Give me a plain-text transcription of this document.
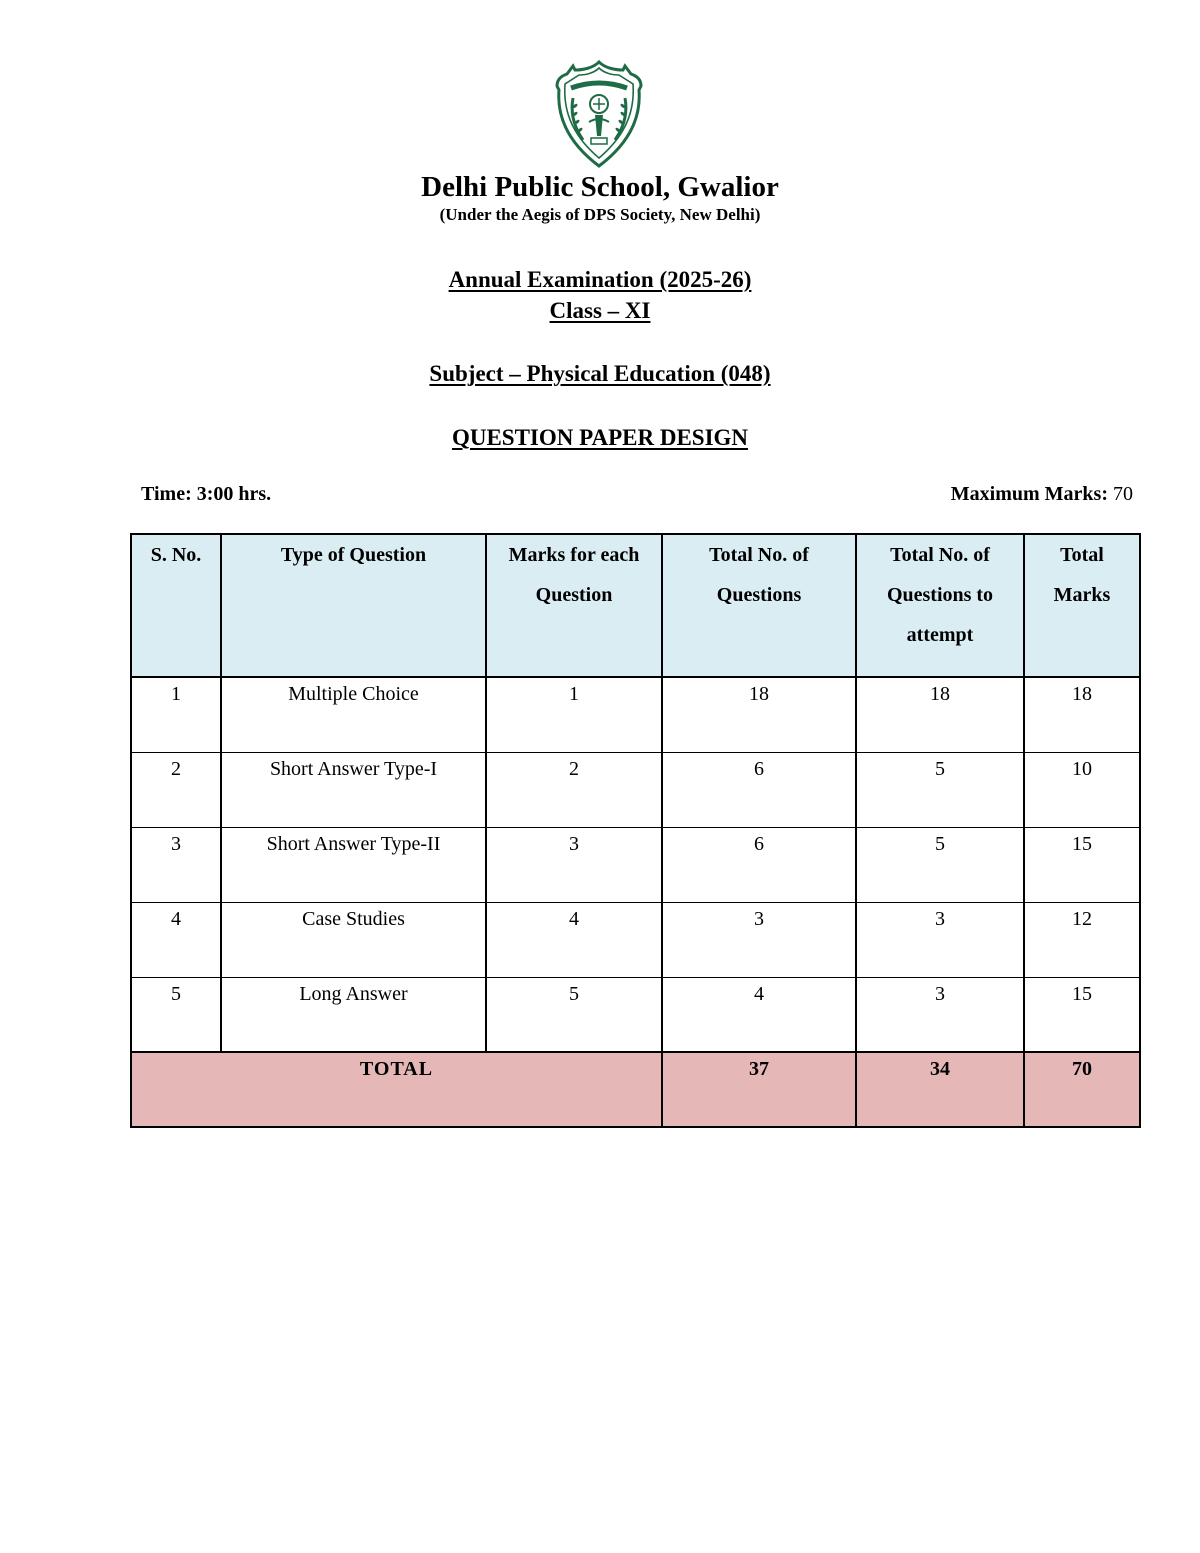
Delhi Public School, Gwalior
(Under the Aegis of DPS Society, New Delhi)
Annual Examination (2025-26)
Class – XI
Subject – Physical Education (048)
QUESTION PAPER DESIGN
Time: 3:00 hrs.	Maximum Marks: 70
S. No.	Type of Question	Marks for each Question	Total No. of Questions	Total No. of Questions to attempt	Total Marks
1	Multiple Choice	1	18	18	18
2	Short Answer Type-I	2	6	5	10
3	Short Answer Type-II	3	6	5	15
4	Case Studies	4	3	3	12
5	Long Answer	5	4	3	15
TOTAL			37	34	70
